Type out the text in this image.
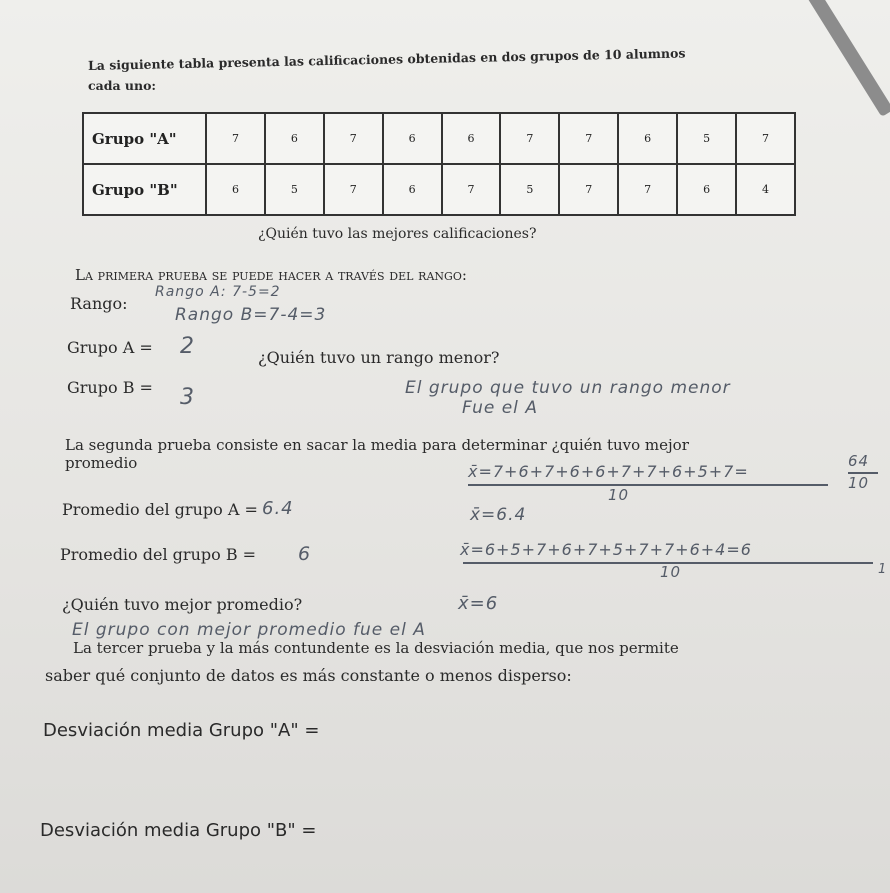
La siguiente tabla presenta las calificaciones obtenidas en dos grupos de 10 alumnos
cada uno:
Grupo "A"	7	6	7	6	6	7	7	6	5	7
Grupo "B"	6	5	7	6	7	5	7	7	6	4
¿Quién tuvo las mejores calificaciones?
La primera prueba se puede hacer a través del rango:
Rango A: 7-5=2
Rango:
Rango B=7-4=3
Grupo A = 2	¿Quién tuvo un rango menor?
Grupo B = 3	El grupo que tuvo un rango menor
Fue el A
La segunda prueba consiste en sacar la media para determinar ¿quién tuvo mejor
promedio	x̄=7+6+7+6+6+7+7+6+5+7=
10
64
10
Promedio del grupo A = 6.4	x̄=6.4
Promedio del grupo B = 6	x̄=6+5+7+6+7+5+7+7+6+4=6
10	1
¿Quién tuvo mejor promedio?	x̄=6
El grupo con mejor promedio fue el A
La tercer prueba y la más contundente es la desviación media, que nos permite
saber qué conjunto de datos es más constante o menos disperso:
Desviación media Grupo "A" =
Desviación media Grupo "B" =
